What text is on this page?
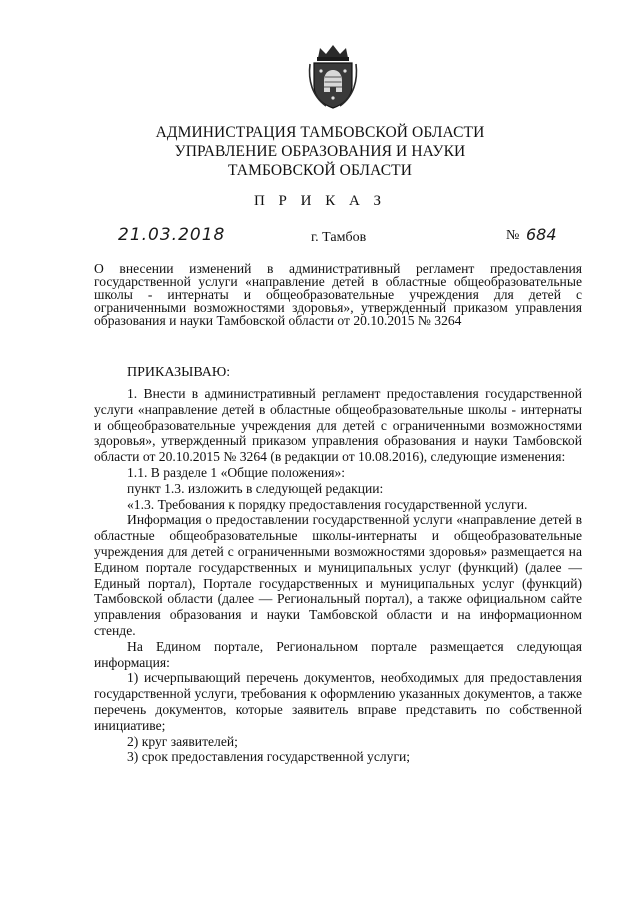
АДМИНИСТРАЦИЯ ТАМБОВСКОЙ ОБЛАСТИ
УПРАВЛЕНИЕ ОБРАЗОВАНИЯ И НАУКИ
ТАМБОВСКОЙ ОБЛАСТИ
П Р И К А З
21.03.2018	г. Тамбов	№ 684
О внесении изменений в административный регламент предоставления государственной услуги «направление детей в областные общеобразовательные школы - интернаты и общеобразовательные учреждения для детей с ограниченными возможностями здоровья», утвержденный приказом управления образования и науки Тамбовской области от 20.10.2015 № 3264
ПРИКАЗЫВАЮ:

1. Внести в административный регламент предоставления государственной услуги «направление детей в областные общеобразовательные школы - интернаты и общеобразовательные учреждения для детей с ограниченными возможностями здоровья», утвержденный приказом управления образования и науки Тамбовской области от 20.10.2015 № 3264 (в редакции от 10.08.2016), следующие изменения:

1.1. В разделе 1 «Общие положения»:

пункт 1.3. изложить в следующей редакции:

«1.3. Требования к порядку предоставления государственной услуги.

Информация о предоставлении государственной услуги «направление детей в областные общеобразовательные школы-интернаты и общеобразовательные учреждения для детей с ограниченными возможностями здоровья» размещается на Едином портале государственных и муниципальных услуг (функций) (далее — Единый портал), Портале государственных и муниципальных услуг (функций) Тамбовской области (далее — Региональный портал), а также официальном сайте управления образования и науки Тамбовской области и на информационном стенде.

На Едином портале, Региональном портале размещается следующая информация:

1) исчерпывающий перечень документов, необходимых для предоставления государственной услуги, требования к оформлению указанных документов, а также перечень документов, которые заявитель вправе представить по собственной инициативе;

2) круг заявителей;

3) срок предоставления государственной услуги;
